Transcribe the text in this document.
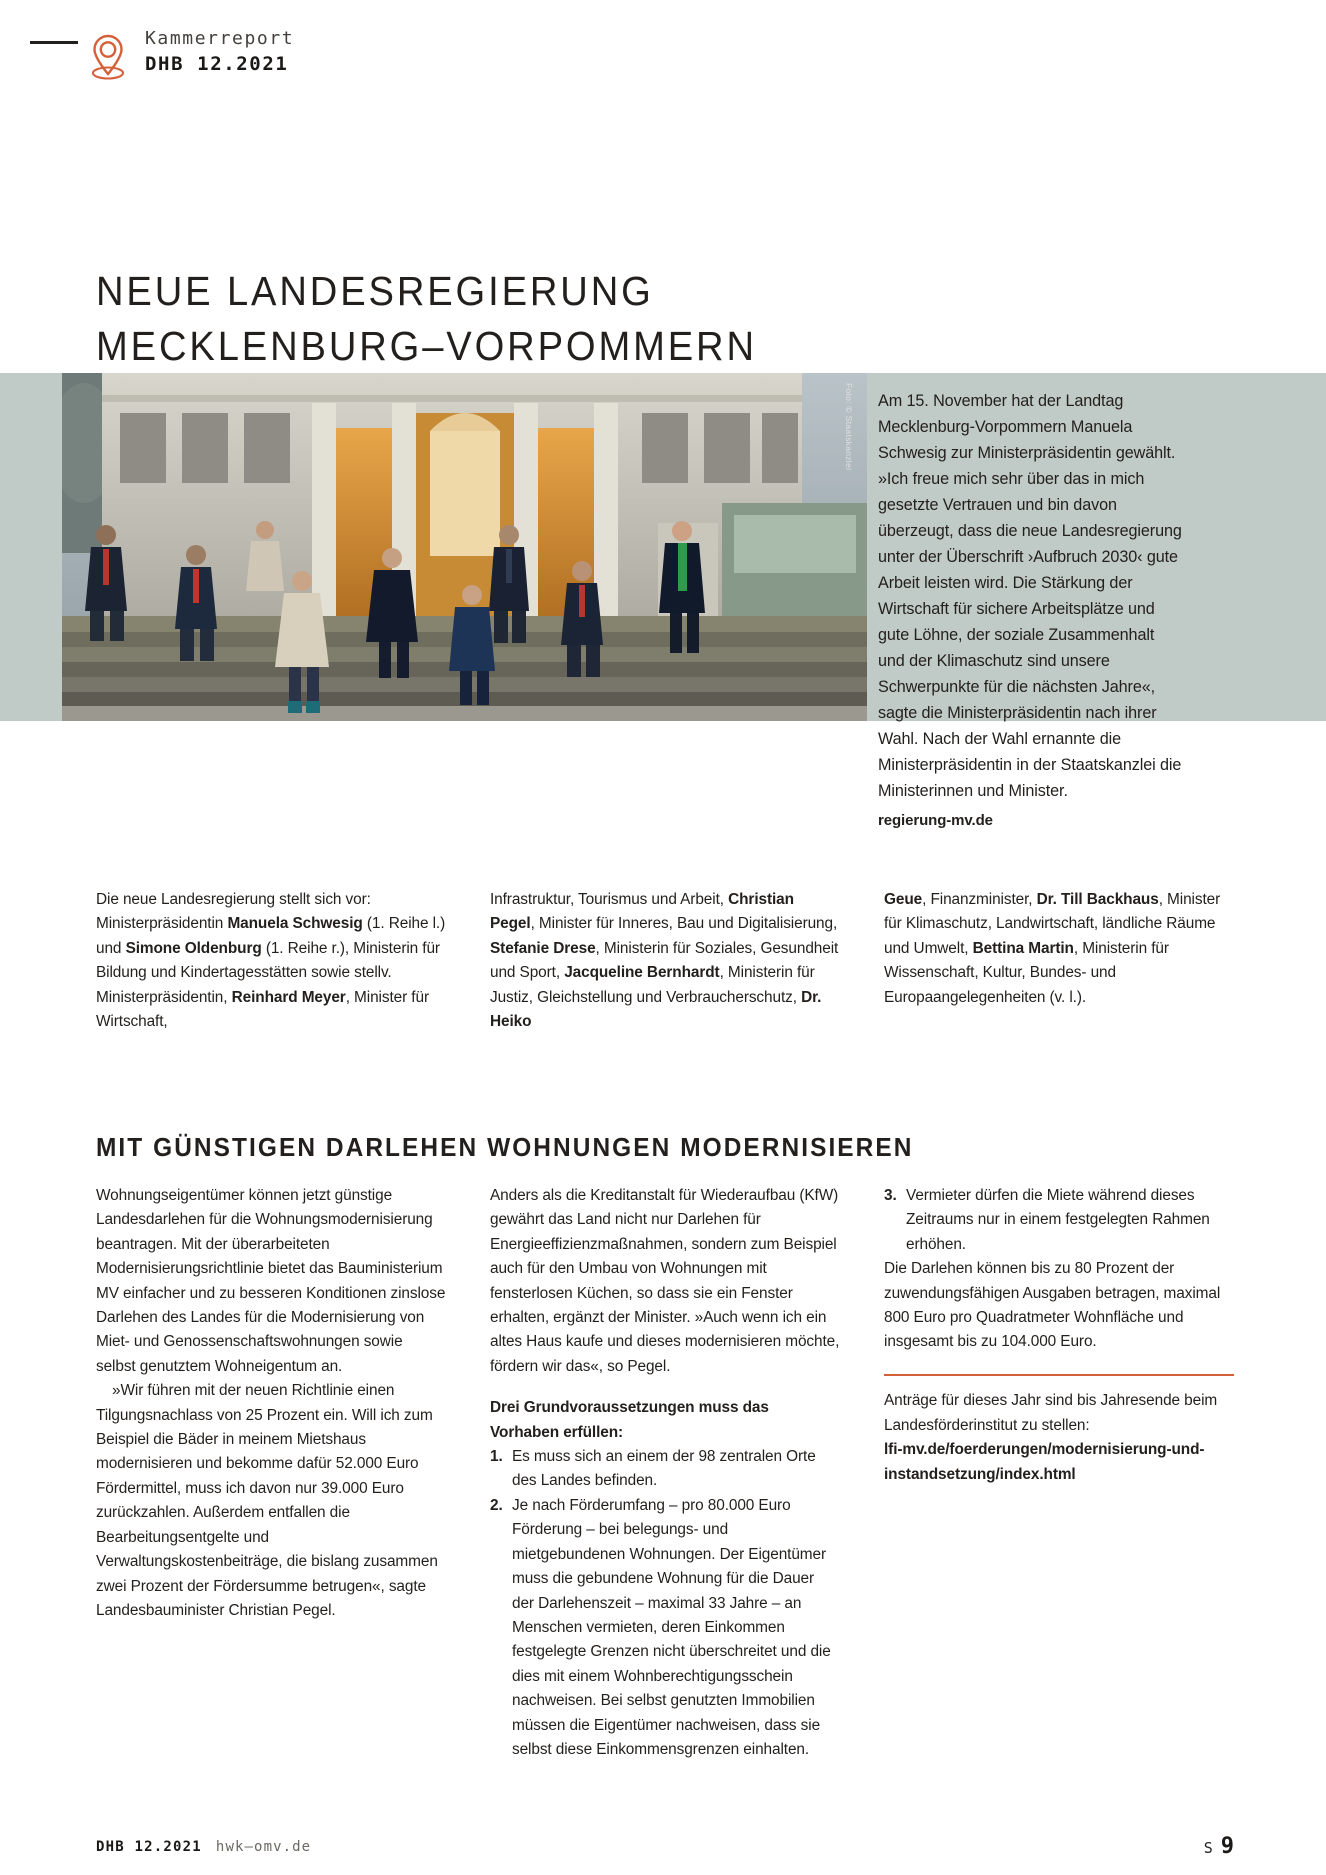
Kammerreport
DHB 12.2021
NEUE LANDESREGIERUNG
MECKLENBURG–VORPOMMERN
Foto: © Staatskanzlei Am 15. November hat der Landtag Mecklenburg-Vorpommern Manuela Schwesig zur Ministerpräsidentin gewählt. »Ich freue mich sehr über das in mich gesetzte Vertrauen und bin davon überzeugt, dass die neue Landesregierung unter der Überschrift ›Aufbruch 2030‹ gute Arbeit leisten wird. Die Stärkung der Wirtschaft für sichere Arbeitsplätze und gute Löhne, der soziale Zusammenhalt und der Klimaschutz sind unsere Schwerpunkte für die nächsten Jahre«, sagte die Ministerpräsidentin nach ihrer Wahl. Nach der Wahl ernannte die Ministerpräsidentin in der Staatskanzlei die Ministerinnen und Minister.
regierung-mv.de
Die neue Landesregierung stellt sich vor: Ministerpräsidentin Manuela Schwesig (1. Reihe l.) und Simone Oldenburg (1. Reihe r.), Ministerin für Bildung und Kindertagesstätten sowie stellv. Ministerpräsidentin, Reinhard Meyer, Minister für Wirtschaft,
Infrastruktur, Tourismus und Arbeit, Christian Pegel, Minister für Inneres, Bau und Digitalisierung, Stefanie Drese, Ministerin für Soziales, Gesundheit und Sport, Jacqueline Bernhardt, Ministerin für Justiz, Gleichstellung und Verbraucherschutz, Dr. Heiko
Geue, Finanzminister, Dr. Till Backhaus, Minister für Klimaschutz, Landwirtschaft, ländliche Räume und Umwelt, Bettina Martin, Ministerin für Wissenschaft, Kultur, Bundes- und Europaangelegenheiten (v. l.).
MIT GÜNSTIGEN DARLEHEN WOHNUNGEN MODERNISIEREN

Wohnungseigentümer können jetzt günstige Landesdarlehen für die Wohnungsmodernisierung beantragen. Mit der überarbeiteten Modernisierungsrichtlinie bietet das Bauministerium MV einfacher und zu besseren Konditionen zinslose Darlehen des Landes für die Modernisierung von Miet- und Genossenschaftswohnungen sowie selbst genutztem Wohneigentum an.

»Wir führen mit der neuen Richtlinie einen Tilgungsnachlass von 25 Prozent ein. Will ich zum Beispiel die Bäder in meinem Mietshaus modernisieren und bekomme dafür 52.000 Euro Fördermittel, muss ich davon nur 39.000 Euro zurückzahlen. Außerdem entfallen die Bearbeitungsentgelte und Verwaltungskostenbeiträge, die bislang zusammen zwei Prozent der Fördersumme betrugen«, sagte Landesbauminister Christian Pegel.

Anders als die Kreditanstalt für Wiederaufbau (KfW) gewährt das Land nicht nur Darlehen für Energieeffizienzmaßnahmen, sondern zum Beispiel auch für den Umbau von Wohnungen mit fensterlosen Küchen, so dass sie ein Fenster erhalten, ergänzt der Minister. »Auch wenn ich ein altes Haus kaufe und dieses modernisieren möchte, fördern wir das«, so Pegel.

Drei Grundvoraussetzungen muss das Vorhaben erfüllen:
1. Es muss sich an einem der 98 zentralen Orte des Landes befinden.
2. Je nach Förderumfang – pro 80.000 Euro Förderung – bei belegungs- und mietgebundenen Wohnungen. Der Eigentümer muss die gebundene Wohnung für die Dauer der Darlehenszeit – maximal 33 Jahre – an Menschen vermieten, deren Einkommen festgelegte Grenzen nicht überschreitet und die dies mit einem Wohnberechtigungsschein nachweisen. Bei selbst genutzten Immobilien müssen die Eigentümer nachweisen, dass sie selbst diese Einkommensgrenzen einhalten.
3. Vermieter dürfen die Miete während dieses Zeitraums nur in einem festgelegten Rahmen erhöhen.

Die Darlehen können bis zu 80 Prozent der zuwendungsfähigen Ausgaben betragen, maximal 800 Euro pro Quadratmeter Wohnfläche und insgesamt bis zu 104.000 Euro.

Anträge für dieses Jahr sind bis Jahresende beim Landesförderinstitut zu stellen:
lfi-mv.de/foerderungen/modernisierung-und-
instandsetzung/index.html
DHB 12.2021 hwk–omv.de	S 9
